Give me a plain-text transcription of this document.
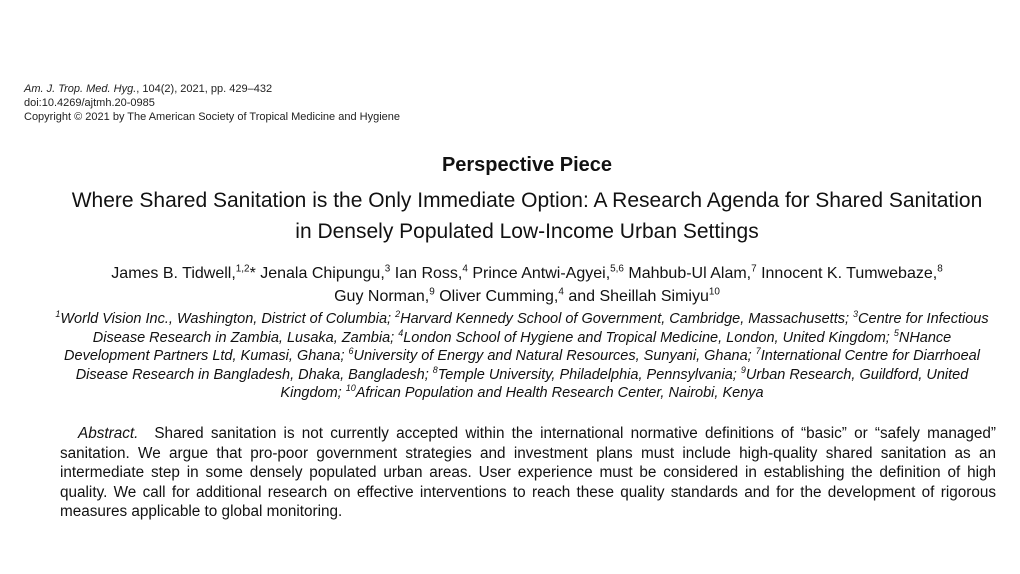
Am. J. Trop. Med. Hyg., 104(2), 2021, pp. 429–432
doi:10.4269/ajtmh.20-0985
Copyright © 2021 by The American Society of Tropical Medicine and Hygiene
Perspective Piece
Where Shared Sanitation is the Only Immediate Option: A Research Agenda for Shared Sanitation
in Densely Populated Low-Income Urban Settings
James B. Tidwell,$^{1,2}$* Jenala Chipungu,$^3$ Ian Ross,$^4$ Prince Antwi-Agyei,$^{5,6}$ Mahbub-Ul Alam,$^7$ Innocent K. Tumwebaze,$^8$
Guy Norman,$^9$ Oliver Cumming,$^4$ and Sheillah Simiyu$^{10}$
$^1$World Vision Inc., Washington, District of Columbia; $^2$Harvard Kennedy School of Government, Cambridge, Massachusetts; $^3$Centre for Infectious
Disease Research in Zambia, Lusaka, Zambia; $^4$London School of Hygiene and Tropical Medicine, London, United Kingdom; $^5$NHance
Development Partners Ltd, Kumasi, Ghana; $^6$University of Energy and Natural Resources, Sunyani, Ghana; $^7$International Centre for Diarrhoeal
Disease Research in Bangladesh, Dhaka, Bangladesh; $^8$Temple University, Philadelphia, Pennsylvania; $^9$Urban Research, Guildford, United
Kingdom; $^{10}$African Population and Health Research Center, Nairobi, Kenya

Abstract. Shared sanitation is not currently accepted within the international normative definitions of “basic” or “safely managed” sanitation. We argue that pro-poor government strategies and investment plans must include high-quality shared sanitation as an intermediate step in some densely populated urban areas. User experience must be considered in establishing the definition of high quality. We call for additional research on effective interventions to reach these quality standards and for the development of rigorous measures applicable to global monitoring.
